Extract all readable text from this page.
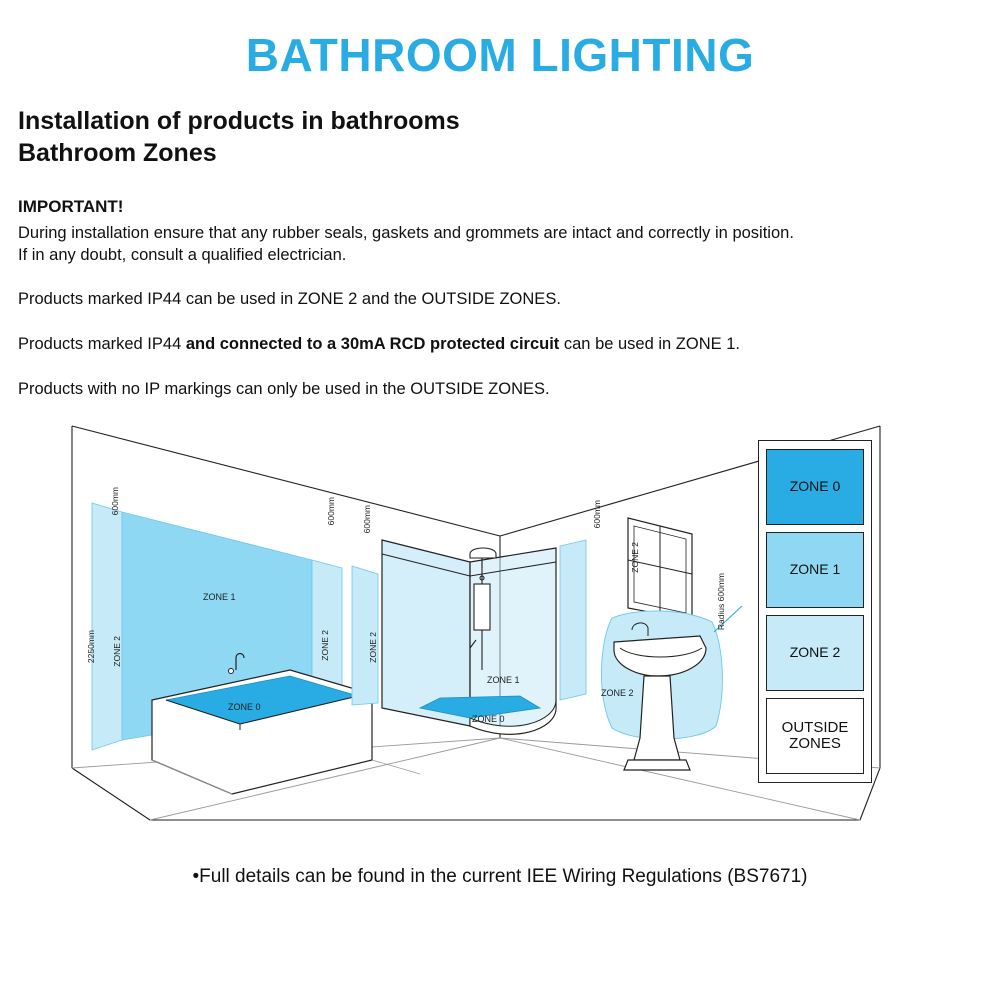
BATHROOM LIGHTING
Installation of products in bathrooms
Bathroom Zones
IMPORTANT!
During installation ensure that any rubber seals, gaskets and grommets are intact and correctly in position.
If in any doubt, consult a qualified electrician.
Products marked IP44 can be used in ZONE 2 and the OUTSIDE ZONES.
Products marked IP44 and connected to a 30mA RCD protected circuit can be used in ZONE 1.
Products with no IP markings can only be used in the OUTSIDE ZONES.
2250mm
600mm	600mm	600mm	600mm
ZONE 2
ZONE 1
ZONE 0
ZONE 2	ZONE 2
ZONE 1
ZONE 0
ZONE 2
ZONE 2
Radius 600mm
ZONE 0
ZONE 1
ZONE 2
OUTSIDE
ZONES
•Full details can be found in the current IEE Wiring Regulations (BS7671)
